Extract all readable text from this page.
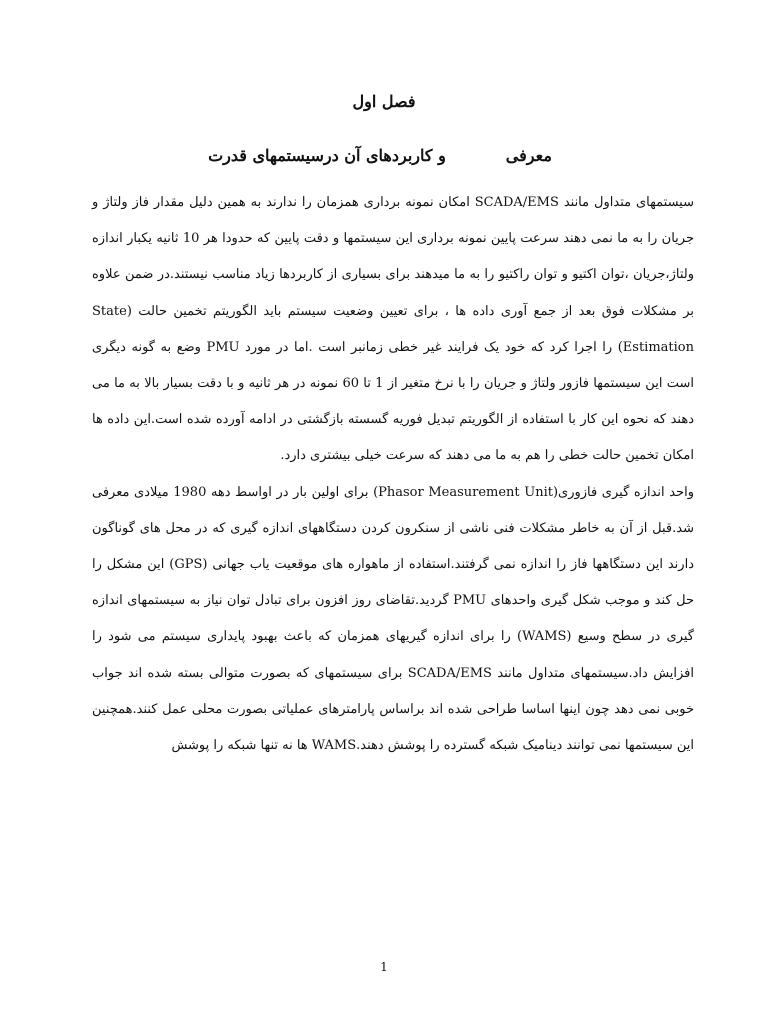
فصل اول
معرفیو کاربردهای آن درسیستمهای قدرت

سیستمهای متداول مانند SCADA/EMS امکان نمونه برداری همزمان را ندارند به همین دلیل مقدار فاز ولتاژ و جریان را به ما نمی دهند سرعت پایین نمونه برداری این سیستمها و دقت پایین که حدودا هر 10 ثانیه یکبار اندازه ولتاژ،جریان ،توان اکتیو و توان راکتیو را به ما میدهند برای بسیاری از کاربردها زیاد مناسب نیستند.در ضمن علاوه بر مشکلات فوق بعد از جمع آوری داده ها ، برای تعیین وضعیت سیستم باید الگوریتم تخمین حالت (State Estimation) را اجرا کرد که خود یک فرایند غیر خطی زمانبر است .اما در مورد PMU وضع به گونه دیگری است این سیستمها فازور ولتاژ و جریان را با نرخ متغیر از 1 تا 60 نمونه در هر ثانیه و با دقت بسیار بالا به ما می دهند که نحوه این کار با استفاده از الگوریتم تبدیل فوریه گسسته بازگشتی در ادامه آورده شده است.این داده ها امکان تخمین حالت خطی را هم به ما می دهند که سرعت خیلی بیشتری دارد.

واحد اندازه گیری فازوری(Phasor Measurement Unit) برای اولین بار در اواسط دهه 1980 میلادی معرفی شد.قبل از آن به خاطر مشکلات فنی ناشی از سنکرون کردن دستگاههای اندازه گیری که در محل های گوناگون دارند این دستگاهها فاز را اندازه نمی گرفتند.استفاده از ماهواره های موقعیت یاب جهانی (GPS) این مشکل را حل کند و موجب شکل گیری واحدهای PMU گردید.تقاضای روز افزون برای تبادل توان نیاز به سیستمهای اندازه گیری در سطح وسیع (WAMS) را برای اندازه گیریهای همزمان که باعث بهبود پایداری سیستم می شود را افزایش داد.سیستمهای متداول مانند SCADA/EMS برای سیستمهای که بصورت متوالی بسته شده اند جواب خوبی نمی دهد چون اینها اساسا طراحی شده اند براساس پارامترهای عملیاتی بصورت محلی عمل کنند.همچنین این سیستمها نمی توانند دینامیک شبکه گسترده را پوشش دهند.WAMS ها نه تنها شبکه را پوشش

1
